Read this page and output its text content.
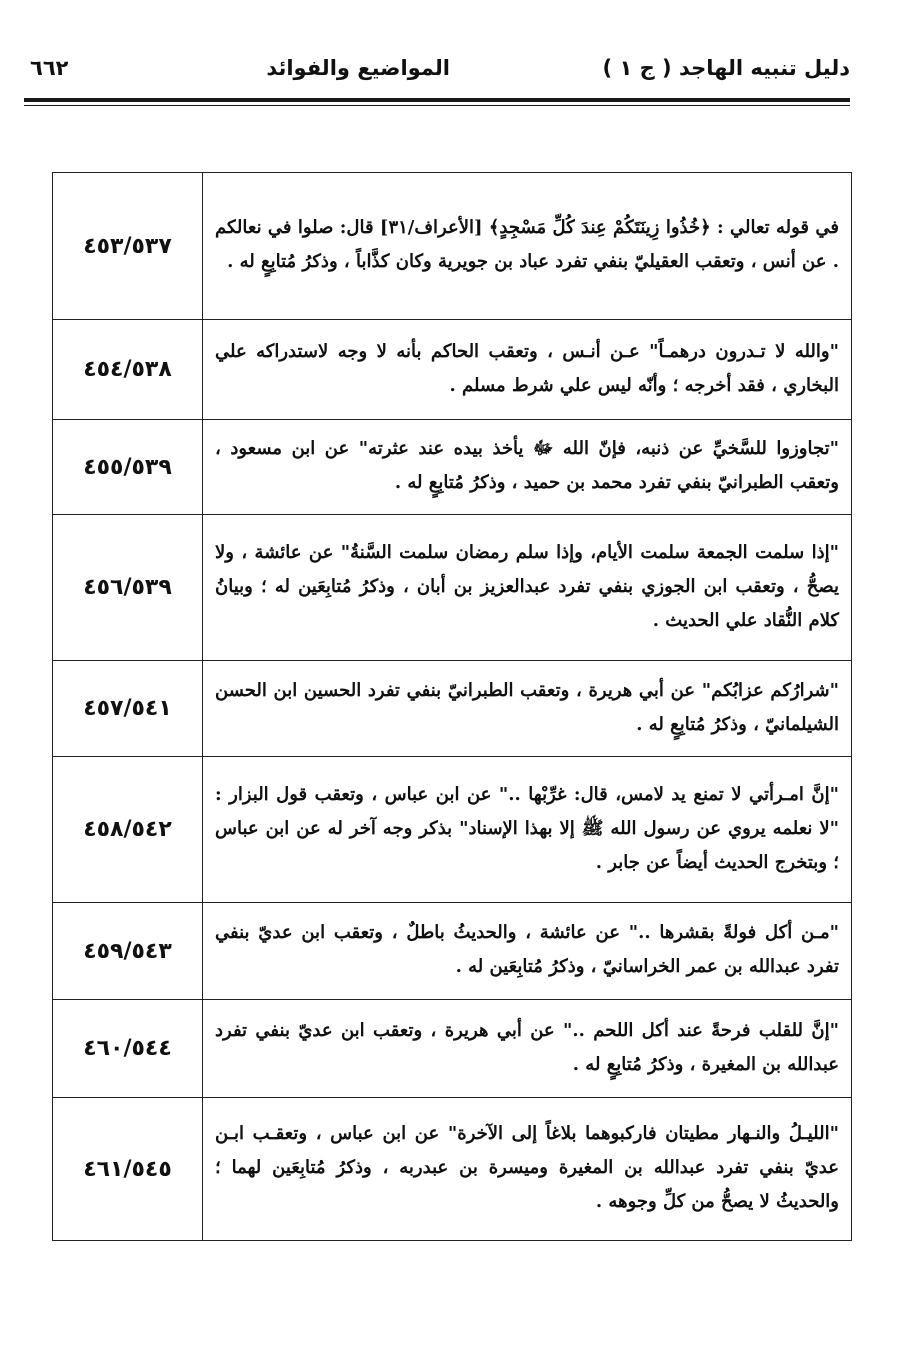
دليل تنبيه الهاجد ( ج ١ )
المواضيع والفوائد
٦٦٢
في قوله تعالي : ﴿خُذُوا زِينَتَكُمْ عِندَ كُلِّ مَسْجِدٍ﴾ [الأعراف/٣١] قال: صلوا في نعالكم . عن أنس ، وتعقب العقيليّ بنفي تفرد عباد بن جويرية وكان كذَّاباً ، وذكرُ مُتابِعٍ له .	٤٥٣/٥٣٧
"والله لا تـدرون درهمـاً" عـن أنـس ، وتعقب الحاكم بأنه لا وجه لاستدراكه علي البخاري ، فقد أخرجه ؛ وأنّه ليس علي شرط مسلم .	٤٥٤/٥٣٨
"تجاوزوا للسَّخيِّ عن ذنبه، فإنّ الله ﷻ يأخذ بيده عند عثرته" عن ابن مسعود ، وتعقب الطبرانيّ بنفي تفرد محمد بن حميد ، وذكرُ مُتابِعٍ له .	٤٥٥/٥٣٩
"إذا سلمت الجمعة سلمت الأيام، وإذا سلم رمضان سلمت السَّنةُ" عن عائشة ، ولا يصحُّ ، وتعقب ابن الجوزي بنفي تفرد عبدالعزيز بن أبان ، وذكرُ مُتابِعَين له ؛ وبيانُ كلام النُّقاد علي الحديث .	٤٥٦/٥٣٩
"شرارُكم عزابُكم" عن أبي هريرة ، وتعقب الطبرانيّ بنفي تفرد الحسين ابن الحسن الشيلمانيّ ، وذكرُ مُتابِعٍ له .	٤٥٧/٥٤١
"إنَّ امـرأتي لا تمنع يد لامس، قال: غرِّبْها .." عن ابن عباس ، وتعقب قول البزار : "لا نعلمه يروي عن رسول الله ﷺ إلا بهذا الإسناد" بذكر وجه آخر له عن ابن عباس ؛ وبتخرج الحديث أيضاً عن جابر .	٤٥٨/٥٤٢
"مـن أكل فولةً بقشرها .." عن عائشة ، والحديثُ باطلٌ ، وتعقب ابن عديّ بنفي تفرد عبدالله بن عمر الخراسانيّ ، وذكرُ مُتابِعَين له .	٤٥٩/٥٤٣
"إنَّ للقلب فرحةً عند أكل اللحم .." عن أبي هريرة ، وتعقب ابن عديّ بنفي تفرد عبدالله بن المغيرة ، وذكرُ مُتابِعٍ له .	٤٦٠/٥٤٤
"الليـلُ والنـهار مطيتان فاركبوهما بلاغاً إلى الآخرة" عن ابن عباس ، وتعقـب ابـن عديّ بنفي تفرد عبدالله بن المغيرة وميسرة بن عبدربه ، وذكرُ مُتابِعَين لهما ؛ والحديثُ لا يصحُّ من كلِّ وجوهه .	٤٦١/٥٤٥
